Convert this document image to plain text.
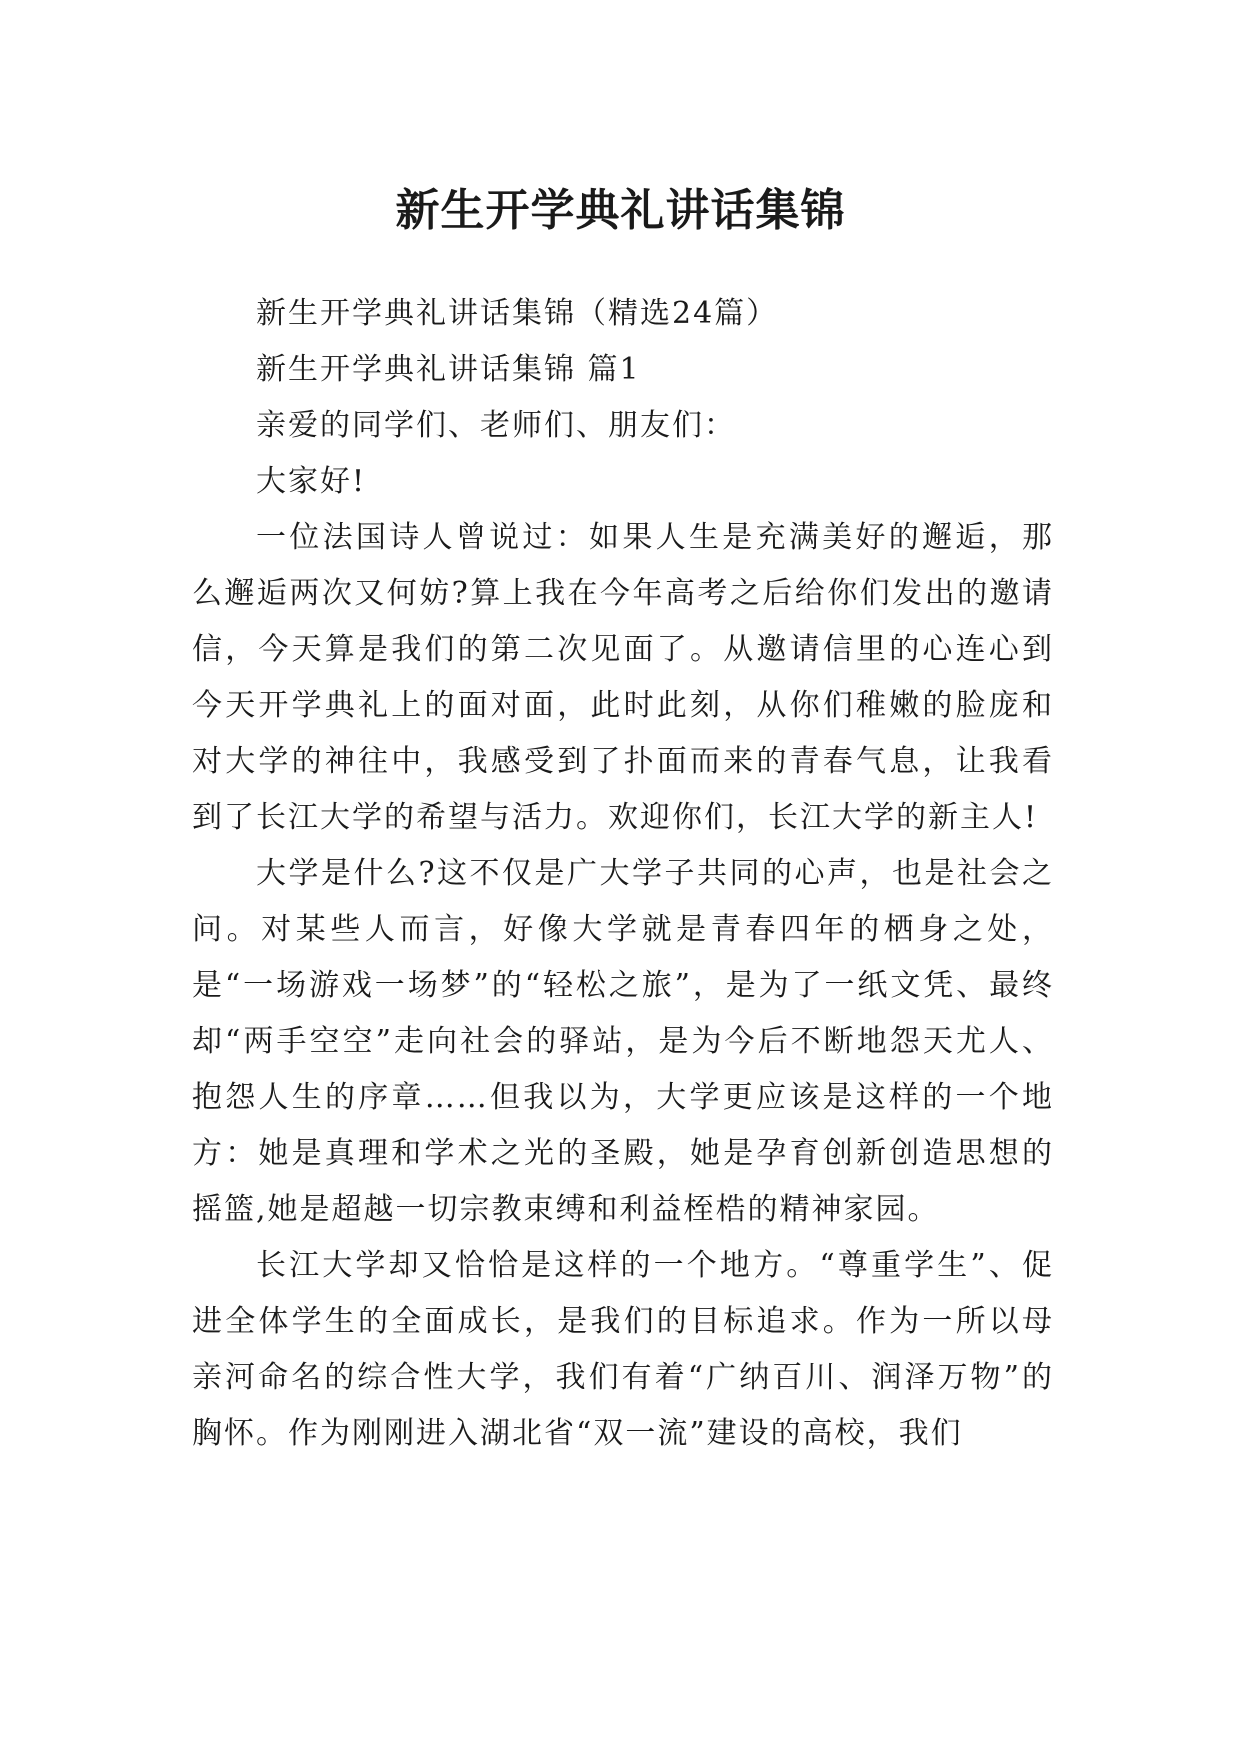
新生开学典礼讲话集锦

新生开学典礼讲话集锦（精选24篇）

新生开学典礼讲话集锦 篇1

亲爱的同学们、老师们、朋友们：

大家好!

一位法国诗人曾说过：如果人生是充满美好的邂逅，那么邂逅两次又何妨?算上我在今年高考之后给你们发出的邀请信，今天算是我们的第二次见面了。从邀请信里的心连心到今天开学典礼上的面对面，此时此刻，从你们稚嫩的脸庞和对大学的神往中，我感受到了扑面而来的青春气息，让我看到了长江大学的希望与活力。欢迎你们，长江大学的新主人!

大学是什么?这不仅是广大学子共同的心声，也是社会之问。对某些人而言，好像大学就是青春四年的栖身之处，是“一场游戏一场梦”的“轻松之旅”，是为了一纸文凭、最终却“两手空空”走向社会的驿站，是为今后不断地怨天尤人、抱怨人生的序章……但我以为，大学更应该是这样的一个地方：她是真理和学术之光的圣殿，她是孕育创新创造思想的摇篮,她是超越一切宗教束缚和利益桎梏的精神家园。

长江大学却又恰恰是这样的一个地方。“尊重学生”、促进全体学生的全面成长，是我们的目标追求。作为一所以母亲河命名的综合性大学，我们有着“广纳百川、润泽万物”的胸怀。作为刚刚进入湖北省“双一流”建设的高校，我们
